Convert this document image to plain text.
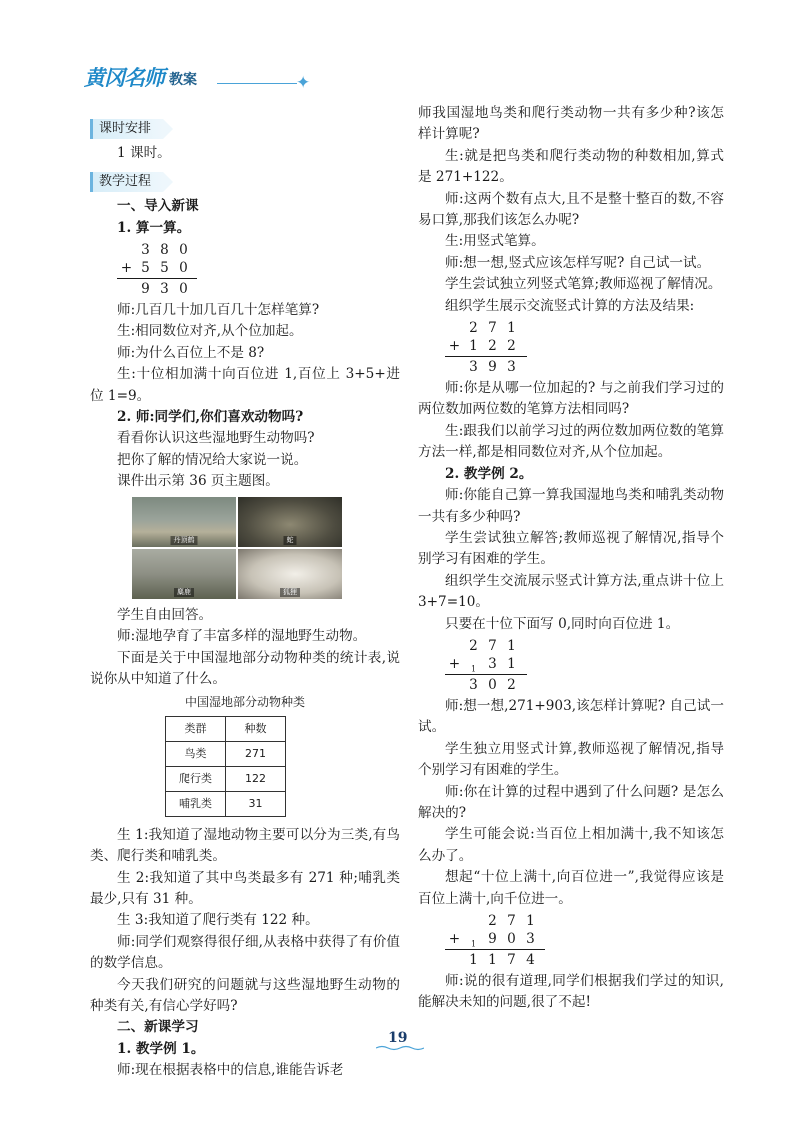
黄冈名师 教案	✦
课时安排

1 课时。

教学过程

一、导入新课

1. 算一算。

3 8 0
+ 5 5 0
9 3 0

师:几百几十加几百几十怎样笔算?

生:相同数位对齐,从个位加起。

师:为什么百位上不是 8?

生:十位相加满十向百位进 1,百位上 3+5+进位 1=9。

2. 师:同学们,你们喜欢动物吗?

看看你认识这些湿地野生动物吗?

把你了解的情况给大家说一说。

课件出示第 36 页主题图。

丹顶鹤	蛇
麋鹿	狐狸

学生自由回答。

师:湿地孕育了丰富多样的湿地野生动物。

下面是关于中国湿地部分动物种类的统计表,说说你从中知道了什么。

中国湿地部分动物种类
类群	种数
鸟类	271
爬行类	122
哺乳类	31

生 1:我知道了湿地动物主要可以分为三类,有鸟类、爬行类和哺乳类。

生 2:我知道了其中鸟类最多有 271 种;哺乳类最少,只有 31 种。

生 3:我知道了爬行类有 122 种。

师:同学们观察得很仔细,从表格中获得了有价值的数学信息。

今天我们研究的问题就与这些湿地野生动物的种类有关,有信心学好吗?

二、新课学习

1. 教学例 1。

师:现在根据表格中的信息,谁能告诉老

师我国湿地鸟类和爬行类动物一共有多少种?该怎样计算呢?

生:就是把鸟类和爬行类动物的种数相加,算式是 271+122。

师:这两个数有点大,且不是整十整百的数,不容易口算,那我们该怎么办呢?

生:用竖式笔算。

师:想一想,竖式应该怎样写呢? 自己试一试。

学生尝试独立列竖式笔算;教师巡视了解情况。

组织学生展示交流竖式计算的方法及结果:

2 7 1
+ 1 2 2
3 9 3

师:你是从哪一位加起的? 与之前我们学习过的两位数加两位数的笔算方法相同吗?

生:跟我们以前学习过的两位数加两位数的笔算方法一样,都是相同数位对齐,从个位加起。

2. 教学例 2。

师:你能自己算一算我国湿地鸟类和哺乳类动物一共有多少种吗?

学生尝试独立解答;教师巡视了解情况,指导个别学习有困难的学生。

组织学生交流展示竖式计算方法,重点讲十位上 3+7=10。

只要在十位下面写 0,同时向百位进 1。

2 7 1
+	$_1$ 3 1
3 0 2

师:想一想,271+903,该怎样计算呢? 自己试一试。

学生独立用竖式计算,教师巡视了解情况,指导个别学习有困难的学生。

师:你在计算的过程中遇到了什么问题? 是怎么解决的?

学生可能会说:当百位上相加满十,我不知该怎么办了。

想起“十位上满十,向百位进一”,我觉得应该是百位上满十,向千位进一。

2 7 1
+	$_1$ 9 0 3
1 1 7 4

师:说的很有道理,同学们根据我们学过的知识,能解决未知的问题,很了不起!

19
